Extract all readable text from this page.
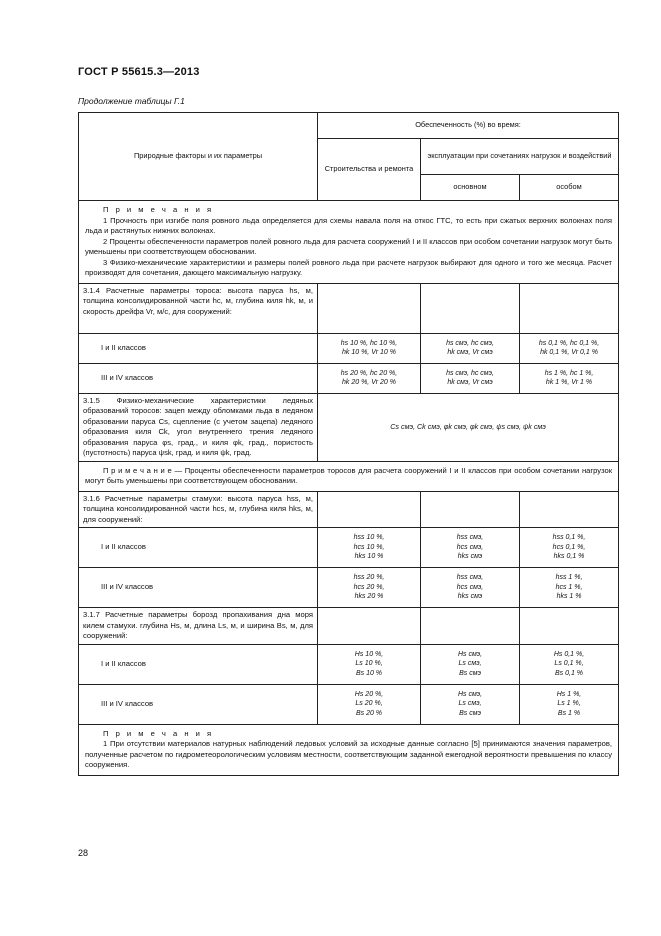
ГОСТ Р 55615.3—2013
Продолжение таблицы Г.1
Природные факторы и их параметры	Обеспеченность (%) во время:		
	Строительства и ремонта	эксплуатации при сочетаниях нагрузок и воздействий	
		основном	особом

П р и м е ч а н и я

1 Прочность при изгибе поля ровного льда определяется для схемы навала поля на откос ГТС, то есть при сжатых верхних волокнах поля льда и растянутых нижних волокнах.

2 Проценты обеспеченности параметров полей ровного льда для расчета сооружений I и II классов при особом сочетании нагрузок могут быть уменьшены при соответствующем обосновании.

3 Физико-механические характеристики и размеры полей ровного льда при расчете нагрузок выбирают для одного и того же месяца. Расчет производят для сочетания, дающего максимальную нагрузку.			

3.1.4 Расчетные параметры тороса: высота паруса hs, м, толщина консолидированной части hc, м, глубина киля hk, м, и скорость дрейфа Vr, м/с, для сооружений:			
I и II классов	hs 10 %, hc 10 %,
hk 10 %, Vr 10 %	hs смэ, hc смэ,
hk смэ, Vr смэ	hs 0,1 %, hc 0,1 %,
hk 0,1 %, Vr 0,1 %

III и IV классов	hs 20 %, hc 20 %,
hk 20 %, Vr 20 %	hs смэ, hc смэ,
hk смэ, Vr смэ	hs 1 %, hc 1 %,
hk 1 %, Vr 1 %

3.1.5 Физико-механические характеристики ледяных образований торосов: зацеп между обломками льда в ледяном образовании паруса Cs, сцепление (с учетом зацепа) ледяного образования киля Ck, угол внутреннего трения ледяного образования паруса φs, град., и киля φk, град., пористость (пустотность) паруса ψsk, град. и киля ψk, град.	Cs смэ, Ck смэ, φk смэ, φk смэ, ψs смэ, ψk смэ		
П р и м е ч а н и е — Проценты обеспеченности параметров торосов для расчета сооружений I и II классов при особом сочетании нагрузок могут быть уменьшены при соответствующем обосновании.			
3.1.6 Расчетные параметры стамухи: высота паруса hss, м, толщина консолидированной части hcs, м, глубина киля hks, м, для сооружений:			
I и II классов	hss 10 %,
hcs 10 %,
hks 10 %	hss смэ,
hcs смэ,
hks смэ	hss 0,1 %,
hcs 0,1 %,
hks 0,1 %

III и IV классов	hss 20 %,
hcs 20 %,
hks 20 %	hss смэ,
hcs смэ,
hks смэ	hss 1 %,
hcs 1 %,
hks 1 %

3.1.7 Расчетные параметры борозд пропахивания дна моря килем стамухи. глубина Hs, м, длина Ls, м, и ширина Bs, м, для сооружений:			
I и II классов	Hs 10 %,
Ls 10 %,
Bs 10 %	Hs смэ,
Ls смэ,
Bs смэ	Hs 0,1 %,
Ls 0,1 %,
Bs 0,1 %

III и IV классов	Hs 20 %,
Ls 20 %,
Bs 20 %	Hs смэ,
Ls смэ,
Bs смэ	Hs 1 %,
Ls 1 %,
Bs 1 %

П р и м е ч а н и я

1 При отсутствии материалов натурных наблюдений ледовых условий за исходные данные согласно [5] принимаются значения параметров, полученные расчетом по гидрометеорологическим условиям местности, соответствующим заданной ежегодной вероятности превышения по классу сооружения.			

28
